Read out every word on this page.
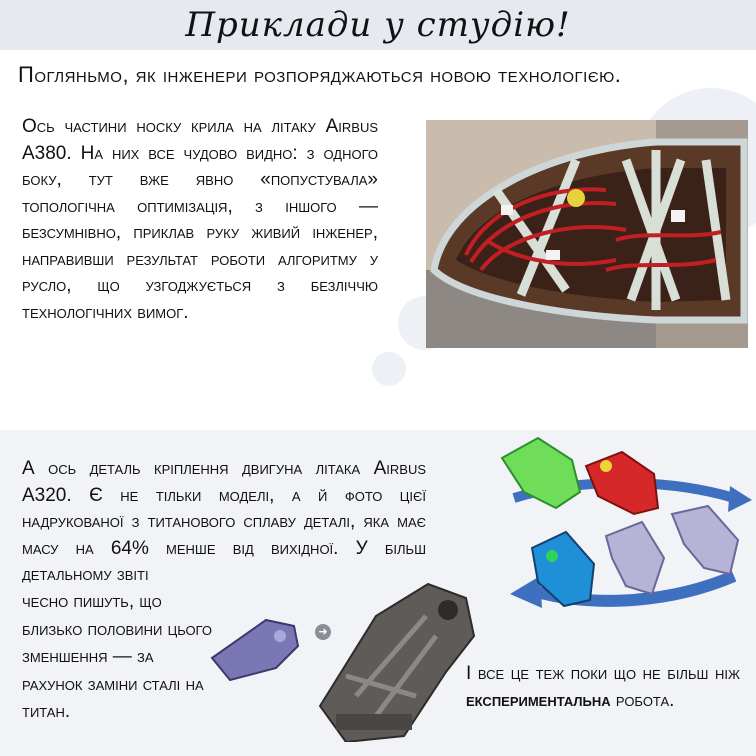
Приклади у студію!
Погляньмо, як інженери розпоряджаються новою технологією.
Ось частини носку крила на літаку Airbus A380. На них все чудово видно: з одного боку, тут вже явно «попустувала» топологічна оптимізація, з іншого — безсумнівно, приклав руку живий інженер, направивши результат роботи алгоритму у русло, що узгоджується з безліччю технологічних вимог.
А ось деталь кріплення двигуна літака Airbus A320. Є не тільки моделі, а й фото цієї надрукованої з титанового сплаву деталі, яка має масу на 64% менше від вихідної. У більш детальному звіті
чесно пишуть, що близько половини цього зменшення — за рахунок заміни сталі на титан.
➜
І все це теж поки що не більш ніж експериментальна робота.
